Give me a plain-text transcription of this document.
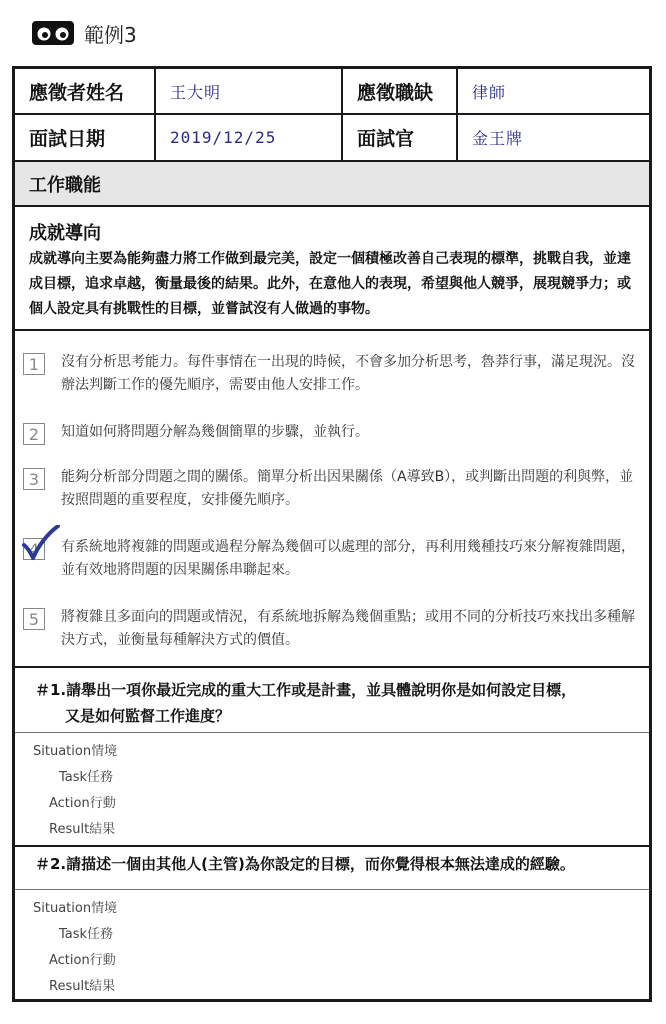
範例3
應徵者姓名	王大明	應徵職缺 律師
面試日期	2019/12/25	面試官	金王牌
工作職能
成就導向
成就導向主要為能夠盡力將工作做到最完美，設定一個積極改善自己表現的標準，挑戰自我，並達成目標，追求卓越，衡量最後的結果。此外，在意他人的表現，希望與他人競爭，展現競爭力；或個人設定具有挑戰性的目標，並嘗試沒有人做過的事物。
1 沒有分析思考能力。每件事情在一出現的時候，不會多加分析思考，魯莽行事，滿足現況。沒辦法判斷工作的優先順序，需要由他人安排工作。
2 知道如何將問題分解為幾個簡單的步驟，並執行。
3 能夠分析部分問題之間的關係。簡單分析出因果關係（A導致B），或判斷出問題的利與弊，並按照問題的重要程度，安排優先順序。
4 有系統地將複雜的問題或過程分解為幾個可以處理的部分，再利用幾種技巧來分解複雜問題，並有效地將問題的因果關係串聯起來。
5 將複雜且多面向的問題或情況，有系統地拆解為幾個重點；或用不同的分析技巧來找出多種解決方式，並衡量每種解決方式的價值。
＃1.請舉出一項你最近完成的重大工作或是計畫，並具體說明你是如何設定目標，
又是如何監督工作進度？
Situation情境
Task任務
Action行動
Result結果
＃2.請描述一個由其他人(主管)為你設定的目標，而你覺得根本無法達成的經驗。
Situation情境
Task任務
Action行動
Result結果
